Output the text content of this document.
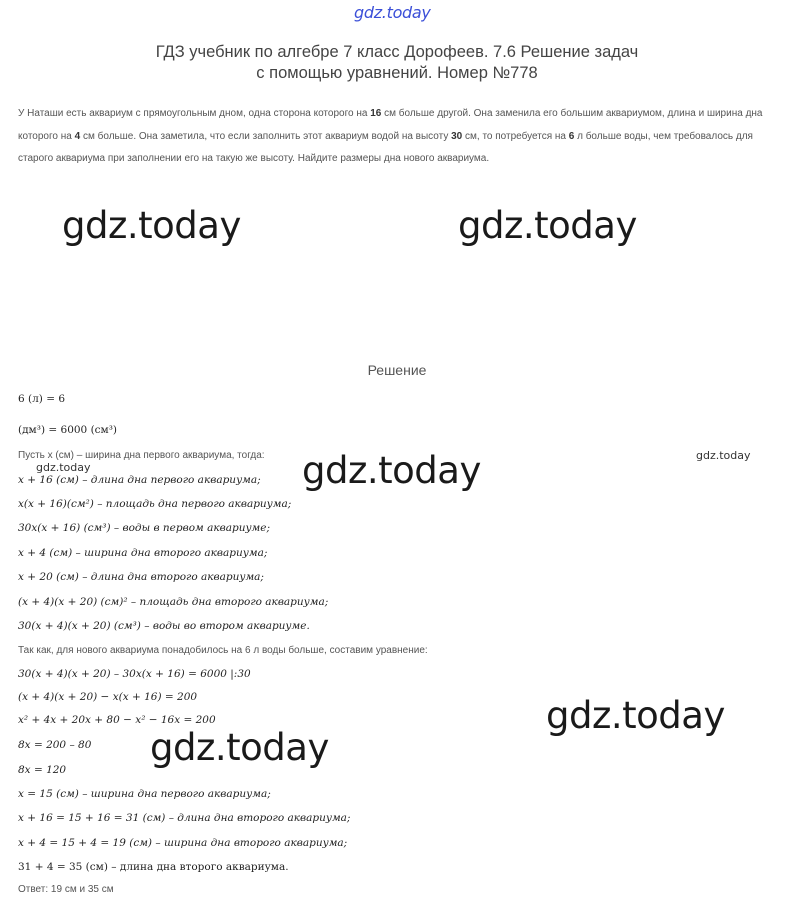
gdz.today
ГДЗ учебник по алгебре 7 класс Дорофеев. 7.6 Решение задач
с помощью уравнений. Номер №778
У Наташи есть аквариум с прямоугольным дном, одна сторона которого на 16 см больше другой. Она заменила его большим аквариумом, длина и ширина дна которого на 4 см больше. Она заметила, что если заполнить этот аквариум водой на высоту 30 см, то потребуется на 6 л больше воды, чем требовалось для старого аквариума при заполнении его на такую же высоту. Найдите размеры дна нового аквариума.
gdz.today	gdz.today
Решение
6 (л) = 6
(дм³) = 6000 (см³)
Пусть x (см) – ширина дна первого аквариума, тогда:
gdz.today	gdz.today	gdz.today
x + 16 (см) – длина дна первого аквариума;
x(x + 16)(см²) – площадь дна первого аквариума;
30x(x + 16) (см³) – воды в первом аквариуме;
x + 4 (см) – ширина дна второго аквариума;
x + 20 (см) – длина дна второго аквариума;
(x + 4)(x + 20) (см)² – площадь дна второго аквариума;
30(x + 4)(x + 20) (см³) – воды во втором аквариуме.
Так как, для нового аквариума понадобилось на 6 л воды больше, составим уравнение:
30(x + 4)(x + 20) – 30x(x + 16) = 6000 |:30
(x + 4)(x + 20) − x(x + 16) = 200
x² + 4x + 20x + 80 − x² − 16x = 200	gdz.today
gdz.today
8x = 200 – 80
8x = 120
x = 15 (см) – ширина дна первого аквариума;
x + 16 = 15 + 16 = 31 (см) – длина дна второго аквариума;
x + 4 = 15 + 4 = 19 (см) – ширина дна второго аквариума;
31 + 4 = 35 (см) – длина дна второго аквариума.
Ответ: 19 см и 35 см
